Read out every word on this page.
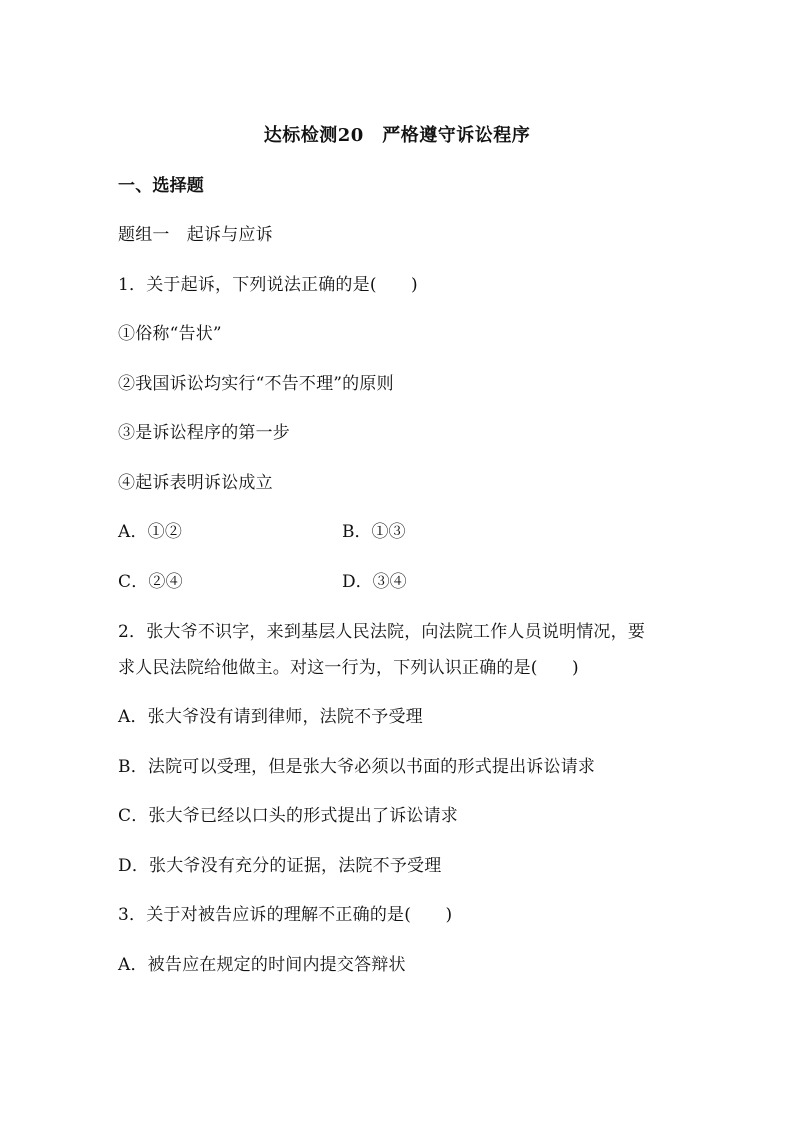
达标检测20　严格遵守诉讼程序
一、选择题
题组一　起诉与应诉
1．关于起诉，下列说法正确的是(　　)
①俗称“告状”
②我国诉讼均实行“不告不理”的原则
③是诉讼程序的第一步
④起诉表明诉讼成立
A．①②	B．①③
C．②④	D．③④
2．张大爷不识字，来到基层人民法院，向法院工作人员说明情况，要
求人民法院给他做主。对这一行为，下列认识正确的是(　　)
A．张大爷没有请到律师，法院不予受理
B．法院可以受理，但是张大爷必须以书面的形式提出诉讼请求
C．张大爷已经以口头的形式提出了诉讼请求
D．张大爷没有充分的证据，法院不予受理
3．关于对被告应诉的理解不正确的是(　　)
A．被告应在规定的时间内提交答辩状
